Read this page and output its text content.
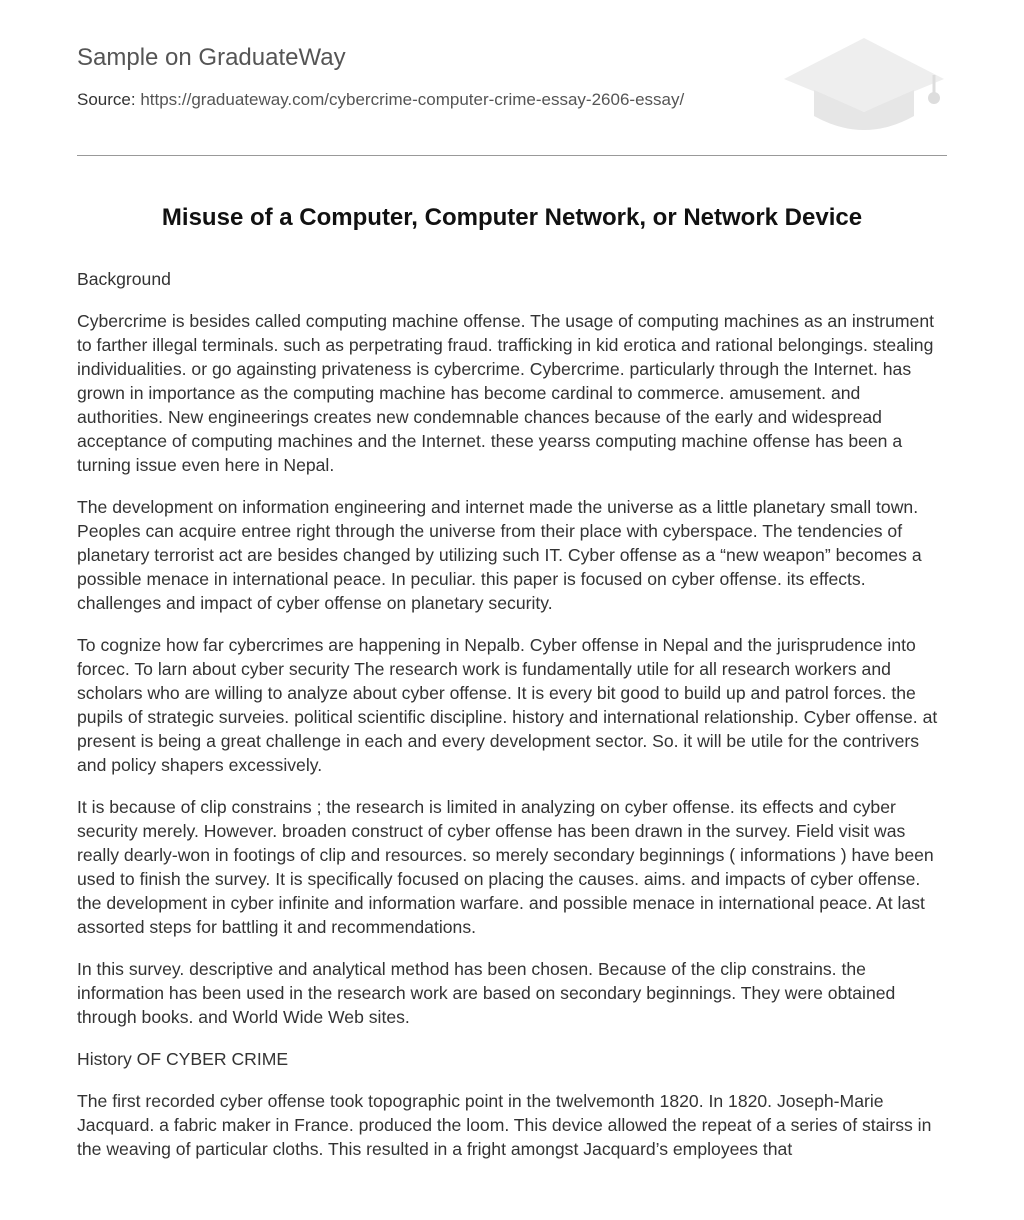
Sample on GraduateWay
Source: https://graduateway.com/cybercrime-computer-crime-essay-2606-essay/
Misuse of a Computer, Computer Network, or Network Device

Background

Cybercrime is besides called computing machine offense. The usage of computing machines as an instrument to farther illegal terminals. such as perpetrating fraud. trafficking in kid erotica and rational belongings. stealing individualities. or go againsting privateness is cybercrime. Cybercrime. particularly through the Internet. has grown in importance as the computing machine has become cardinal to commerce. amusement. and authorities. New engineerings creates new condemnable chances because of the early and widespread acceptance of computing machines and the Internet. these yearss computing machine offense has been a turning issue even here in Nepal.

The development on information engineering and internet made the universe as a little planetary small town. Peoples can acquire entree right through the universe from their place with cyberspace. The tendencies of planetary terrorist act are besides changed by utilizing such IT. Cyber offense as a “new weapon” becomes a possible menace in international peace. In peculiar. this paper is focused on cyber offense. its effects. challenges and impact of cyber offense on planetary security.

To cognize how far cybercrimes are happening in Nepalb. Cyber offense in Nepal and the jurisprudence into forcec. To larn about cyber security The research work is fundamentally utile for all research workers and scholars who are willing to analyze about cyber offense. It is every bit good to build up and patrol forces. the pupils of strategic surveies. political scientific discipline. history and international relationship. Cyber offense. at present is being a great challenge in each and every development sector. So. it will be utile for the contrivers and policy shapers excessively.

It is because of clip constrains ; the research is limited in analyzing on cyber offense. its effects and cyber security merely. However. broaden construct of cyber offense has been drawn in the survey. Field visit was really dearly-won in footings of clip and resources. so merely secondary beginnings ( informations ) have been used to finish the survey. It is specifically focused on placing the causes. aims. and impacts of cyber offense. the development in cyber infinite and information warfare. and possible menace in international peace. At last assorted steps for battling it and recommendations.

In this survey. descriptive and analytical method has been chosen. Because of the clip constrains. the information has been used in the research work are based on secondary beginnings. They were obtained through books. and World Wide Web sites.

History OF CYBER CRIME

The first recorded cyber offense took topographic point in the twelvemonth 1820. In 1820. Joseph-Marie Jacquard. a fabric maker in France. produced the loom. This device allowed the repeat of a series of stairss in the weaving of particular cloths. This resulted in a fright amongst Jacquard’s employees that
